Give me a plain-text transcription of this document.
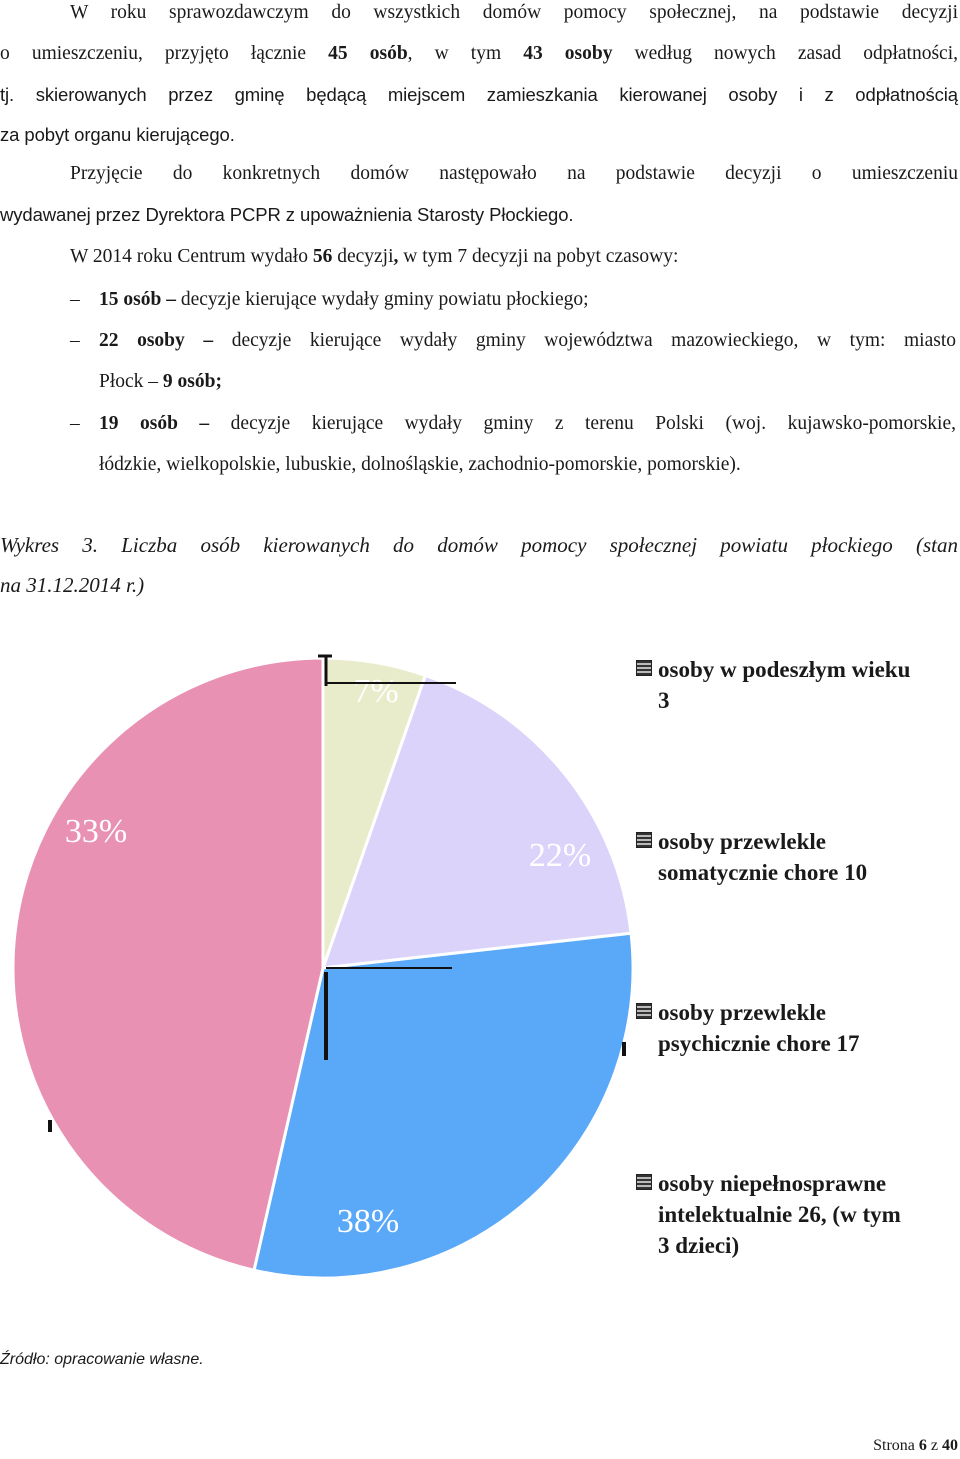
W roku sprawozdawczym do wszystkich domów pomocy społecznej, na podstawie decyzji
o umieszczeniu, przyjęto łącznie 45 osób, w tym 43 osoby według nowych zasad odpłatności,
tj. skierowanych przez gminę będącą miejscem zamieszkania kierowanej osoby i z odpłatnością
za pobyt organu kierującego.
Przyjęcie do konkretnych domów następowało na podstawie decyzji o umieszczeniu
wydawanej przez Dyrektora PCPR z upoważnienia Starosty Płockiego.
W 2014 roku Centrum wydało 56 decyzji, w tym 7 decyzji na pobyt czasowy:
– 15 osób – decyzje kierujące wydały gminy powiatu płockiego;
– 22 osoby – decyzje kierujące wydały gminy województwa mazowieckiego, w tym: miasto
Płock – 9 osób;
– 19 osób – decyzje kierujące wydały gminy z terenu Polski (woj. kujawsko-pomorskie,
łódzkie, wielkopolskie, lubuskie, dolnośląskie, zachodnio-pomorskie, pomorskie).
Wykres 3. Liczba osób kierowanych do domów pomocy społecznej powiatu płockiego (stan
na 31.12.2014 r.)
7%
22%
38%
33%
osoby w podeszłym wieku
3
osoby przewlekle
somatycznie chore 10
osoby przewlekle
psychicznie chore 17
osoby niepełnosprawne
intelektualnie 26, (w tym
3 dzieci)
Źródło: opracowanie własne.
Strona 6 z 40
